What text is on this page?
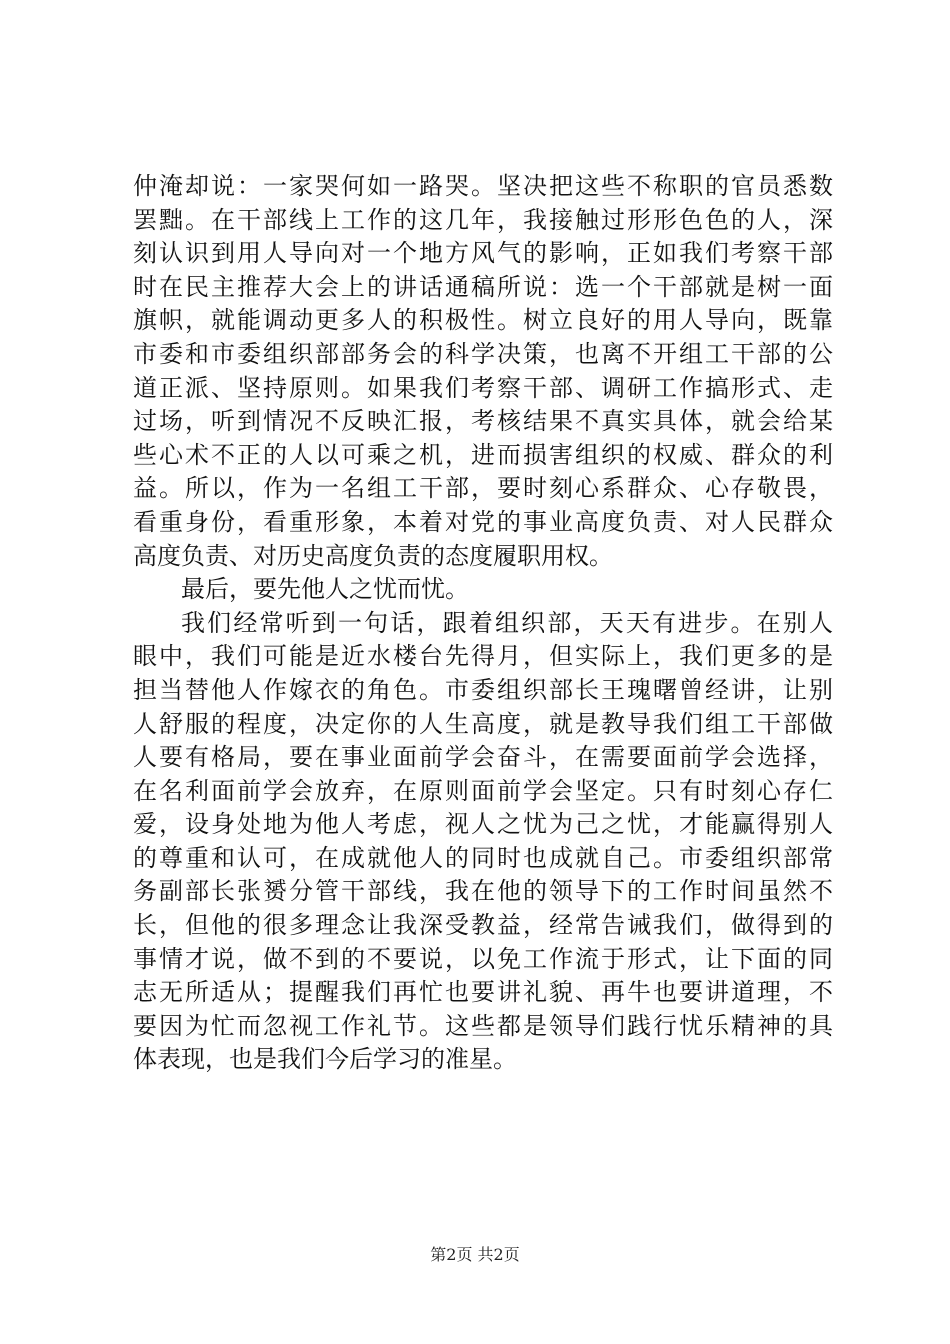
仲淹却说：一家哭何如一路哭。坚决把这些不称职的官员悉数
罢黜。在干部线上工作的这几年，我接触过形形色色的人，深
刻认识到用人导向对一个地方风气的影响，正如我们考察干部
时在民主推荐大会上的讲话通稿所说：选一个干部就是树一面
旗帜，就能调动更多人的积极性。树立良好的用人导向，既靠
市委和市委组织部部务会的科学决策，也离不开组工干部的公
道正派、坚持原则。如果我们考察干部、调研工作搞形式、走
过场，听到情况不反映汇报，考核结果不真实具体，就会给某
些心术不正的人以可乘之机，进而损害组织的权威、群众的利
益。所以，作为一名组工干部，要时刻心系群众、心存敬畏，
看重身份，看重形象，本着对党的事业高度负责、对人民群众
高度负责、对历史高度负责的态度履职用权。
最后，要先他人之忧而忧。
我们经常听到一句话，跟着组织部，天天有进步。在别人
眼中，我们可能是近水楼台先得月，但实际上，我们更多的是
担当替他人作嫁衣的角色。市委组织部长王瑰曙曾经讲，让别
人舒服的程度，决定你的人生高度，就是教导我们组工干部做
人要有格局，要在事业面前学会奋斗，在需要面前学会选择，
在名利面前学会放弃，在原则面前学会坚定。只有时刻心存仁
爱，设身处地为他人考虑，视人之忧为己之忧，才能赢得别人
的尊重和认可，在成就他人的同时也成就自己。市委组织部常
务副部长张赟分管干部线，我在他的领导下的工作时间虽然不
长，但他的很多理念让我深受教益，经常告诫我们，做得到的
事情才说，做不到的不要说，以免工作流于形式，让下面的同
志无所适从；提醒我们再忙也要讲礼貌、再牛也要讲道理，不
要因为忙而忽视工作礼节。这些都是领导们践行忧乐精神的具
体表现，也是我们今后学习的准星。
第2页 共2页
